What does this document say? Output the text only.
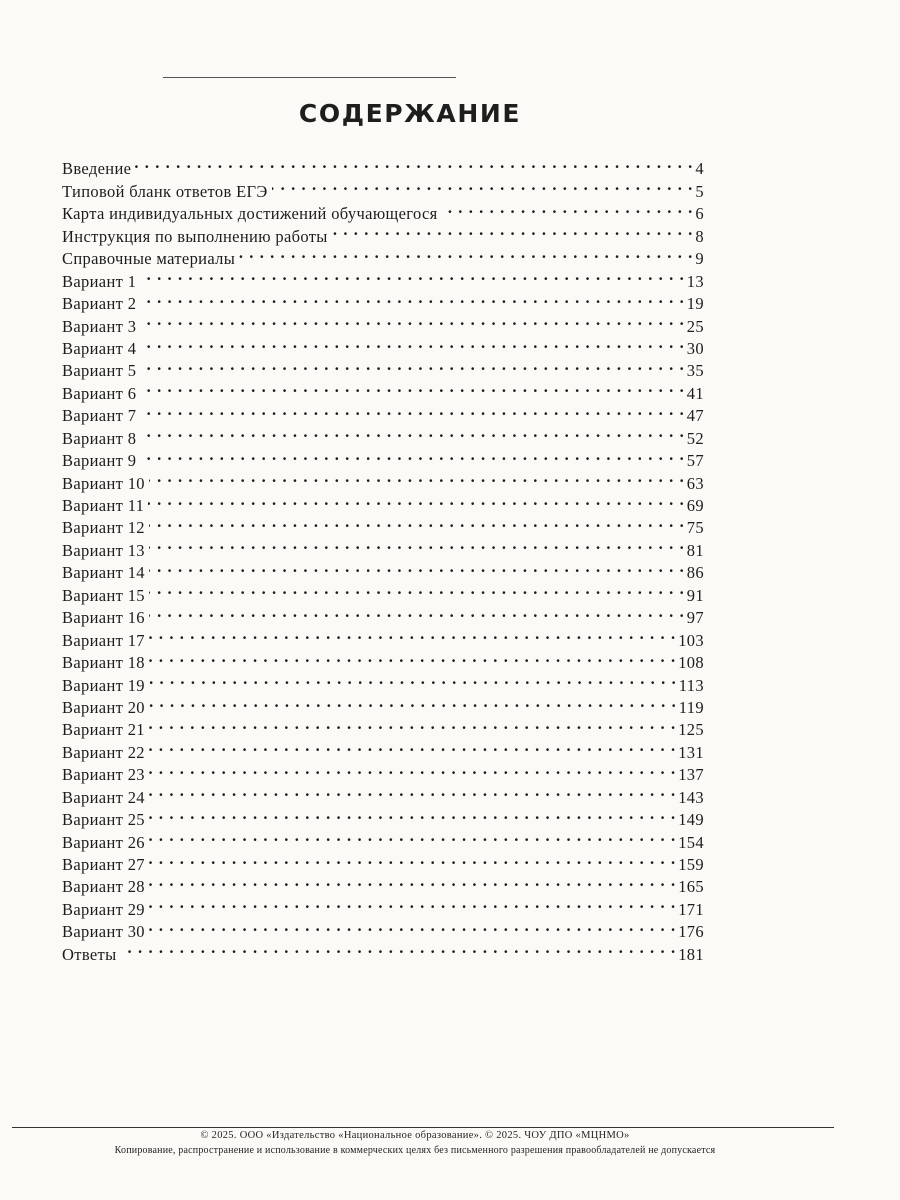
СОДЕРЖАНИЕ
Введение . . .	4
Типовой бланк ответов ЕГЭ . . .	5
Карта индивидуальных достижений обучающегося . . .	6
Инструкция по выполнению работы . . .	8
Справочные материалы . . .	9
Вариант 1 . . .	13
Вариант 2 . . .	19
Вариант 3 . . .	25
Вариант 4 . . .	30
Вариант 5 . . .	35
Вариант 6 . . .	41
Вариант 7 . . .	47
Вариант 8 . . .	52
Вариант 9 . . .	57
Вариант 10 . . .	63
Вариант 11 . . .	69
Вариант 12 . . .	75
Вариант 13 . . .	81
Вариант 14 . . .	86
Вариант 15 . . .	91
Вариант 16 . . .	97
Вариант 17 . . .	103
Вариант 18 . . .	108
Вариант 19 . . .	113
Вариант 20 . . .	119
Вариант 21 . . .	125
Вариант 22 . . .	131
Вариант 23 . . .	137
Вариант 24 . . .	143
Вариант 25 . . .	149
Вариант 26 . . .	154
Вариант 27 . . .	159
Вариант 28 . . .	165
Вариант 29 . . .	171
Вариант 30 . . .	176
Ответы . . .	181
© 2025. ООО «Издательство «Национальное образование». © 2025. ЧОУ ДПО «МЦНМО»
Копирование, распространение и использование в коммерческих целях без письменного разрешения правообладателей не допускается
